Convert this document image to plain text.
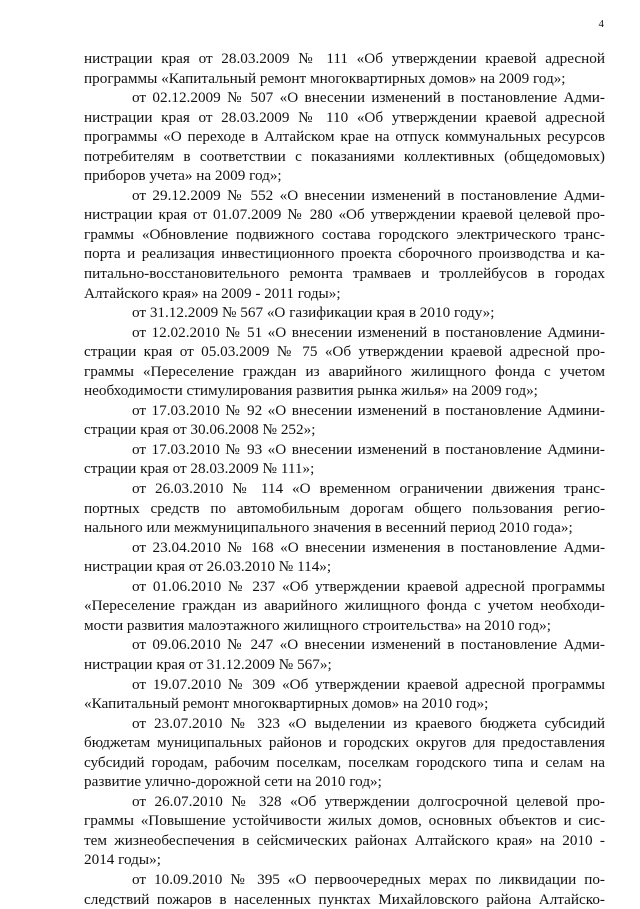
4
нистрации края от 28.03.2009 № 111 «Об утверждении краевой адресной
программы «Капитальный ремонт многоквартирных домов» на 2009 год»;
от 02.12.2009 № 507 «О внесении изменений в постановление Адми-
нистрации края от 28.03.2009 № 110 «Об утверждении краевой адресной
программы «О переходе в Алтайском крае на отпуск коммунальных ресурсов
потребителям в соответствии с показаниями коллективных (общедомовых)
приборов учета» на 2009 год»;
от 29.12.2009 № 552 «О внесении изменений в постановление Адми-
нистрации края от 01.07.2009 № 280 «Об утверждении краевой целевой про-
граммы «Обновление подвижного состава городского электрического транс-
порта и реализация инвестиционного проекта сборочного производства и ка-
питально-восстановительного ремонта трамваев и троллейбусов в городах
Алтайского края» на 2009 - 2011 годы»;
от 31.12.2009 № 567 «О газификации края в 2010 году»;
от 12.02.2010 № 51 «О внесении изменений в постановление Админи-
страции края от 05.03.2009 № 75 «Об утверждении краевой адресной про-
граммы «Переселение граждан из аварийного жилищного фонда с учетом
необходимости стимулирования развития рынка жилья» на 2009 год»;
от 17.03.2010 № 92 «О внесении изменений в постановление Админи-
страции края от 30.06.2008 № 252»;
от 17.03.2010 № 93 «О внесении изменений в постановление Админи-
страции края от 28.03.2009 № 111»;
от 26.03.2010 № 114 «О временном ограничении движения транс-
портных средств по автомобильным дорогам общего пользования регио-
нального или межмуниципального значения в весенний период 2010 года»;
от 23.04.2010 № 168 «О внесении изменения в постановление Адми-
нистрации края от 26.03.2010 № 114»;
от 01.06.2010 № 237 «Об утверждении краевой адресной программы
«Переселение граждан из аварийного жилищного фонда с учетом необходи-
мости развития малоэтажного жилищного строительства» на 2010 год»;
от 09.06.2010 № 247 «О внесении изменений в постановление Адми-
нистрации края от 31.12.2009 № 567»;
от 19.07.2010 № 309 «Об утверждении краевой адресной программы
«Капитальный ремонт многоквартирных домов» на 2010 год»;
от 23.07.2010 № 323 «О выделении из краевого бюджета субсидий
бюджетам муниципальных районов и городских округов для предоставления
субсидий городам, рабочим поселкам, поселкам городского типа и селам на
развитие улично-дорожной сети на 2010 год»;
от 26.07.2010 № 328 «Об утверждении долгосрочной целевой про-
граммы «Повышение устойчивости жилых домов, основных объектов и сис-
тем жизнеобеспечения в сейсмических районах Алтайского края» на 2010 -
2014 годы»;
от 10.09.2010 № 395 «О первоочередных мерах по ликвидации по-
следствий пожаров в населенных пунктах Михайловского района Алтайско-
